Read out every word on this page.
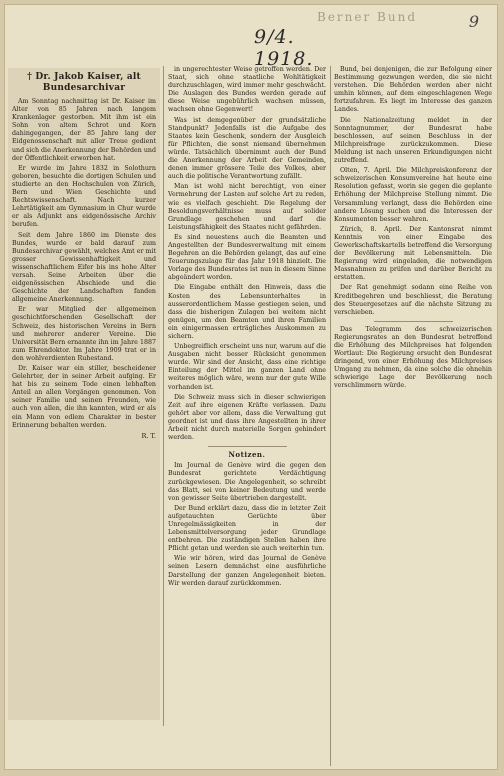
Berner Bund
9/4. 1918.
9
† Dr. Jakob Kaiser, alt Bundesarchivar

Am Sonntag nachmittag ist Dr. Kaiser im Alter von 85 Jahren nach langem Krankenlager gestorben. Mit ihm ist ein Sohn von altem Schrot und Korn dahingegangen, der 85 Jahre lang der Eidgenossenschaft mit aller Treue gedient und sich die Anerkennung der Behörden und der Öffentlichkeit erworben hat.

Er wurde im Jahre 1832 in Solothurn geboren, besuchte die dortigen Schulen und studierte an den Hochschulen von Zürich, Bern und Wien Geschichte und Rechtswissenschaft. Nach kurzer Lehrtätigkeit am Gymnasium in Chur wurde er als Adjunkt ans eidgenössische Archiv berufen.

Seit dem Jahre 1860 im Dienste des Bundes, wurde er bald darauf zum Bundesarchivar gewählt, welches Amt er mit grosser Gewissenhaftigkeit und wissenschaftlichem Eifer bis ins hohe Alter versah. Seine Arbeiten über die eidgenössischen Abschiede und die Geschichte der Landschaften fanden allgemeine Anerkennung.

Er war Mitglied der allgemeinen geschichtforschenden Gesellschaft der Schweiz, des historischen Vereins in Bern und mehrerer anderer Vereine. Die Universität Bern ernannte ihn im Jahre 1887 zum Ehrendoktor. Im Jahre 1909 trat er in den wohlverdienten Ruhestand.

Dr. Kaiser war ein stiller, bescheidener Gelehrter, der in seiner Arbeit aufging. Er hat bis zu seinem Tode einen lebhaften Anteil an allen Vorgängen genommen. Von seiner Familie und seinen Freunden, wie auch von allen, die ihn kannten, wird er als ein Mann von edlem Charakter in bester Erinnerung behalten werden.

R. T.

in ungerechtester Weise getroffen werden. Der Staat, sich ohne staatliche Wohltätigkeit durchzuschlagen, wird immer mehr geschwächt. Die Auslagen des Bundes werden gerade auf diese Weise ungebührlich wachsen müssen, wachsen ohne Gegenwert!

Was ist demgegenüber der grundsätzliche Standpunkt? Jedenfalls ist die Aufgabe des Staates kein Geschenk, sondern der Ausgleich für Pflichten, die sonst niemand übernehmen würde. Tatsächlich übernimmt auch der Bund die Anerkennung der Arbeit der Gemeinden, denen immer grössere Teile des Volkes, aber auch die politische Verantwortung zufällt.

Man ist wohl nicht berechtigt, von einer Vermehrung der Lasten auf solche Art zu reden, wie es vielfach geschieht. Die Regelung der Besoldungsverhältnisse muss auf solider Grundlage geschehen und darf die Leistungsfähigkeit des Staates nicht gefährden.

Es sind neuestens auch die Beamten und Angestellten der Bundesverwaltung mit einem Begehren an die Behörden gelangt, das auf eine Teuerungszulage für das Jahr 1918 hinzielt. Die Vorlage des Bundesrates ist nun in diesem Sinne abgeändert worden.

Die Eingabe enthält den Hinweis, dass die Kosten des Lebensunterhaltes in ausserordentlichem Masse gestiegen seien, und dass die bisherigen Zulagen bei weitem nicht genügen, um den Beamten und ihren Familien ein einigermassen erträgliches Auskommen zu sichern.

Unbegreiflich erscheint uns nur, warum auf die Ausgaben nicht besser Rücksicht genommen wurde. Wir sind der Ansicht, dass eine richtige Einteilung der Mittel im ganzen Land ohne weiteres möglich wäre, wenn nur der gute Wille vorhanden ist.

Die Schweiz muss sich in dieser schwierigen Zeit auf ihre eigenen Kräfte verlassen. Dazu gehört aber vor allem, dass die Verwaltung gut geordnet ist und dass ihre Angestellten in ihrer Arbeit nicht durch materielle Sorgen gehindert werden.

Notizen.

Im Journal de Genève wird die gegen den Bundesrat gerichtete Verdächtigung zurückgewiesen. Die Angelegenheit, so schreibt das Blatt, sei von keiner Bedeutung und werde von gewisser Seite übertrieben dargestellt.

Der Bund erklärt dazu, dass die in letzter Zeit aufgetauchten Gerüchte über Unregelmässigkeiten in der Lebensmittelversorgung jeder Grundlage entbehren. Die zuständigen Stellen haben ihre Pflicht getan und werden sie auch weiterhin tun.

Wie wir hören, wird das Journal de Genève seinen Lesern demnächst eine ausführliche Darstellung der ganzen Angelegenheit bieten. Wir werden darauf zurückkommen.

Bund, bei denjenigen, die zur Befolgung einer Bestimmung gezwungen werden, die sie nicht verstehen. Die Behörden werden aber nicht umhin können, auf dem eingeschlagenen Wege fortzufahren. Es liegt im Interesse des ganzen Landes.

Die Nationalzeitung meldet in der Sonntagnummer, der Bundesrat habe beschlossen, auf seinen Beschluss in der Milchpreisfrage zurückzukommen. Diese Meldung ist nach unseren Erkundigungen nicht zutreffend.

Olten, 7. April. Die Milchpreiskonferenz der schweizerischen Konsumvereine hat heute eine Resolution gefasst, worin sie gegen die geplante Erhöhung der Milchpreise Stellung nimmt. Die Versammlung verlangt, dass die Behörden eine andere Lösung suchen und die Interessen der Konsumenten besser wahren.

Zürich, 8. April. Der Kantonsrat nimmt Kenntnis von einer Eingabe des Gewerkschaftskartells betreffend die Versorgung der Bevölkerung mit Lebensmitteln. Die Regierung wird eingeladen, die notwendigen Massnahmen zu prüfen und darüber Bericht zu erstatten.

Der Rat genehmigt sodann eine Reihe von Kreditbegehren und beschliesst, die Beratung des Steuergesetzes auf die nächste Sitzung zu verschieben.

Das Telegramm des schweizerischen Regierungsrates an den Bundesrat betreffend die Erhöhung des Milchpreises hat folgenden Wortlaut: Die Regierung ersucht den Bundesrat dringend, von einer Erhöhung des Milchpreises Umgang zu nehmen, da eine solche die ohnehin schwierige Lage der Bevölkerung noch verschlimmern würde.
